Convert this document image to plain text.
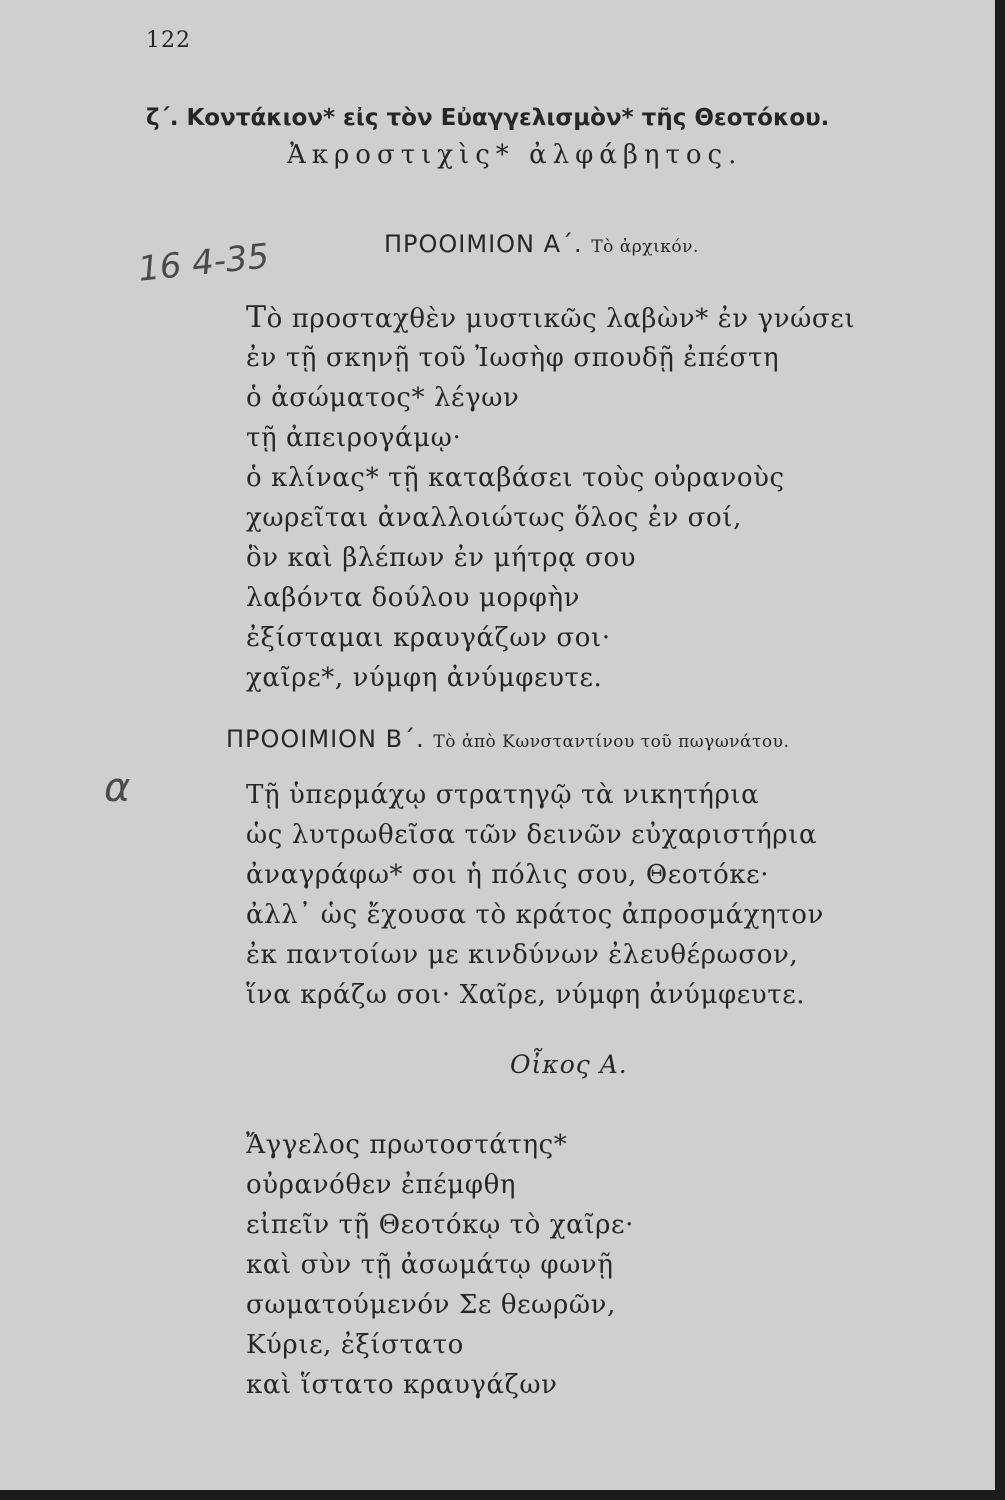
122
ζ΄. Κοντάκιον* εἰς τὸν Εὐαγγελισμὸν* τῆς Θεοτόκου.
Ἀκροστιχὶς* ἀλφάβητος.
16 4-35	ΠΡΟΟΙΜΙΟΝ Α΄. Τὸ ἀρχικόν.
Τὸ προσταχθὲν μυστικῶς λαβὼν* ἐν γνώσει
ἐν τῇ σκηνῇ τοῦ Ἰωσὴφ σπουδῇ ἐπέστη
ὁ ἀσώματος* λέγων
τῇ ἀπειρογάμῳ·
ὁ κλίνας* τῇ καταβάσει τοὺς οὐρανοὺς
χωρεῖται ἀναλλοιώτως ὅλος ἐν σοί,
ὃν καὶ βλέπων ἐν μήτρᾳ σου
λαβόντα δούλου μορφὴν
ἐξίσταμαι κραυγάζων σοι·
χαῖρε*, νύμφη ἀνύμφευτε.
ΠΡΟΟΙΜΙΟΝ Β΄. Τὸ ἀπὸ Κωνσταντίνου τοῦ πωγωνάτου.
α	Τῇ ὑπερμάχῳ στρατηγῷ τὰ νικητήρια
ὡς λυτρωθεῖσα τῶν δεινῶν εὐχαριστήρια
ἀναγράφω* σοι ἡ πόλις σου, Θεοτόκε·
ἀλλ᾽ ὡς ἔχουσα τὸ κράτος ἀπροσμάχητον
ἐκ παντοίων με κινδύνων ἐλευθέρωσον,
ἵνα κράζω σοι· Χαῖρε, νύμφη ἀνύμφευτε.
Οἶκος Α.
Ἄγγελος πρωτοστάτης*
οὐρανόθεν ἐπέμφθη
εἰπεῖν τῇ Θεοτόκῳ τὸ χαῖρε·
καὶ σὺν τῇ ἀσωμάτῳ φωνῇ
σωματούμενόν Σε θεωρῶν,
Κύριε, ἐξίστατο
καὶ ἵστατο κραυγάζων
